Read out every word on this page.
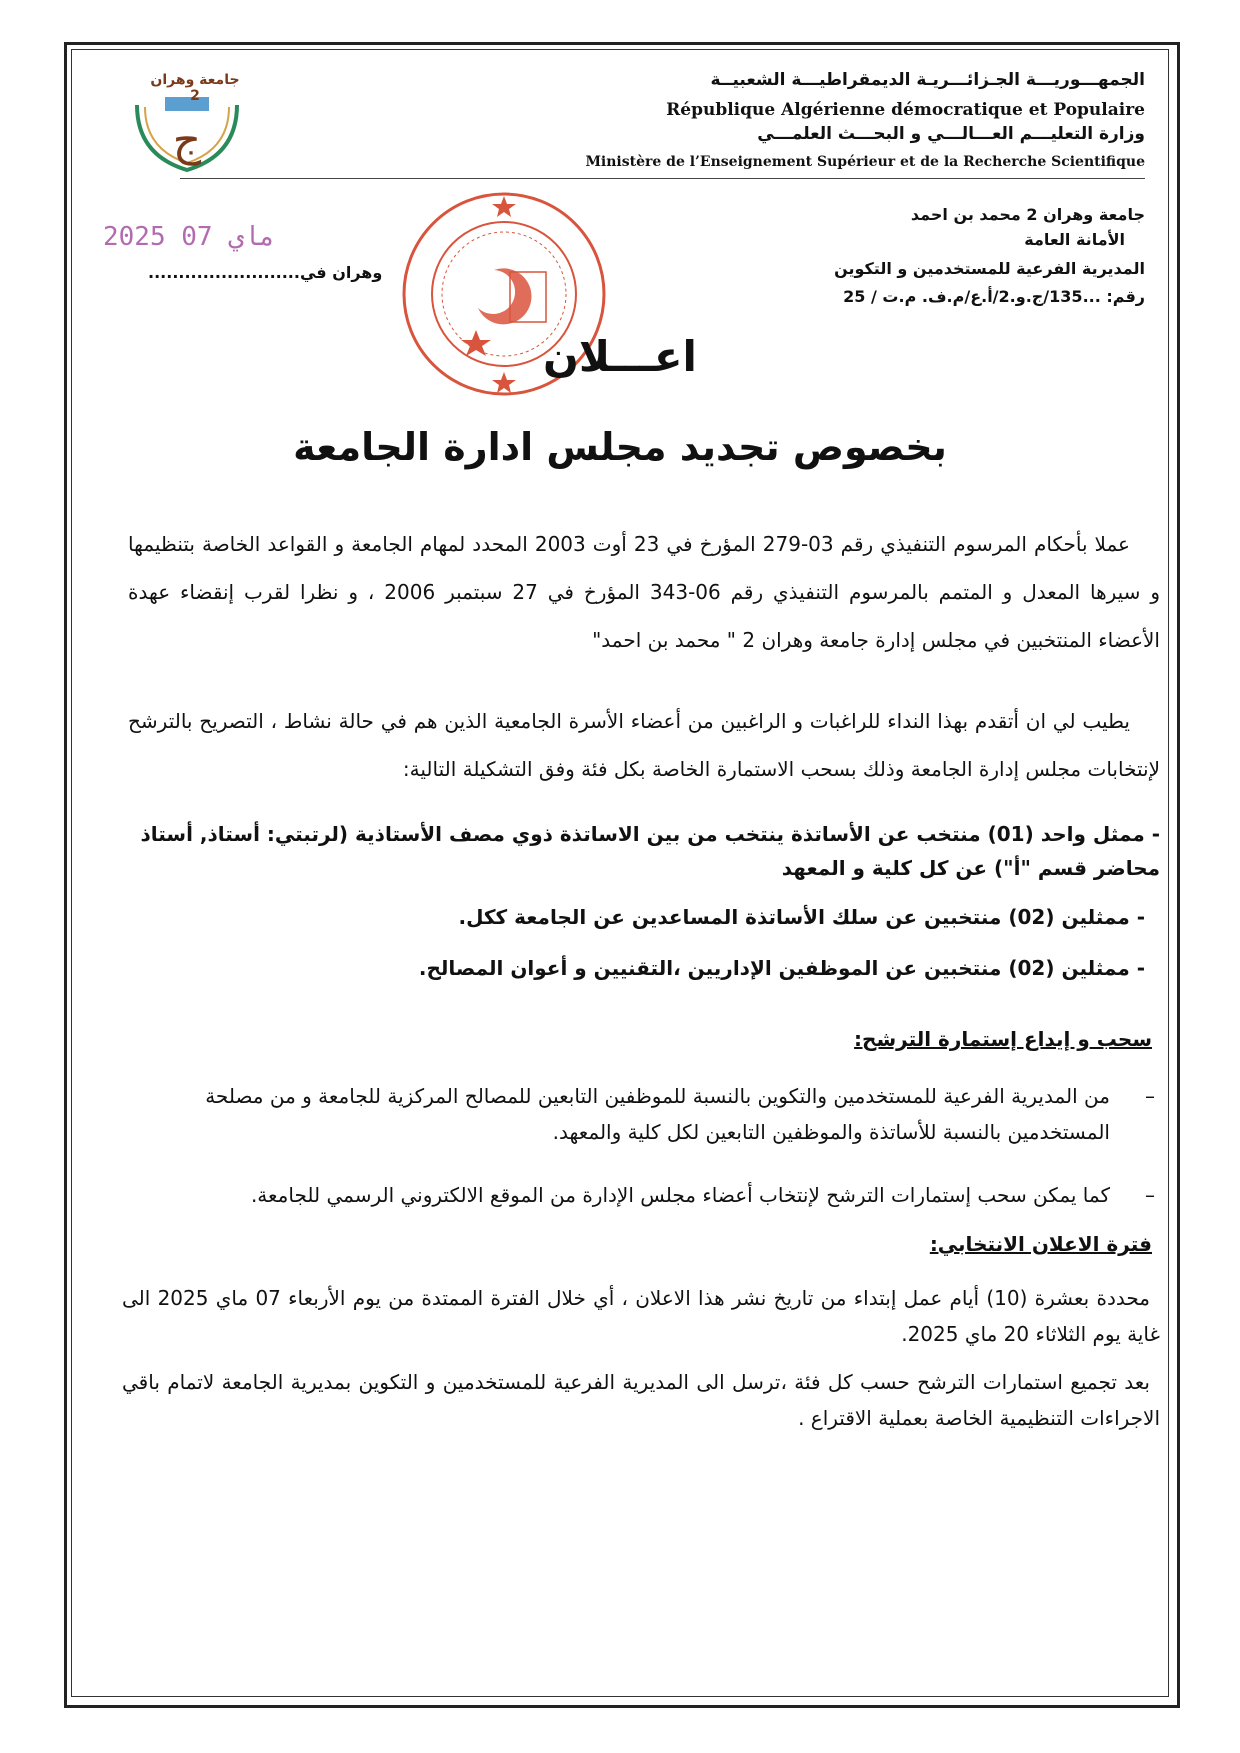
ج
جامعة وهران 2
الجمهـــوريـــة الجـزائـــريـة الديمقراطيـــة الشعبيــة
République Algérienne démocratique et Populaire
وزارة التعليـــم العـــالـــي و البحـــث العلمـــي
Ministère de l’Enseignement Supérieur et de la Recherche Scientifique
جامعة وهران 2 محمد بن احمد
الأمانة العامة
المديرية الفرعية للمستخدمين و التكوين
رقم: ...135/ج.و.2/أ.ع/م.ف. م.ت / 25
2025 ماي 07
وهران في.........................
اعـــلان
بخصوص تجديد مجلس ادارة الجامعة
عملا بأحكام المرسوم التنفيذي رقم 03-279 المؤرخ في 23 أوت 2003 المحدد لمهام الجامعة و القواعد الخاصة بتنظيمها و سيرها المعدل و المتمم بالمرسوم التنفيذي رقم 06-343 المؤرخ في 27 سبتمبر 2006 ، و نظرا لقرب إنقضاء عهدة الأعضاء المنتخبين في مجلس إدارة جامعة وهران 2 " محمد بن احمد"
يطيب لي ان أتقدم بهذا النداء للراغبات و الراغبين من أعضاء الأسرة الجامعية الذين هم في حالة نشاط ، التصريح بالترشح لإنتخابات مجلس إدارة الجامعة وذلك بسحب الاستمارة الخاصة بكل فئة وفق التشكيلة التالية:
- ممثل واحد (01) منتخب عن الأساتذة ينتخب من بين الاساتذة ذوي مصف الأستاذية (لرتبتي: أستاذ, أستاذ محاضر قسم "أ") عن كل كلية و المعهد
- ممثلين (02) منتخبين عن سلك الأساتذة المساعدين عن الجامعة ككل.
- ممثلين (02) منتخبين عن الموظفين الإداريين ،التقنيين و أعوان المصالح.
سحب و إيداع إستمارة الترشح:
–
من المديرية الفرعية للمستخدمين والتكوين بالنسبة للموظفين التابعين للمصالح المركزية للجامعة و من مصلحة المستخدمين بالنسبة للأساتذة والموظفين التابعين لكل كلية والمعهد.
–
كما يمكن سحب إستمارات الترشح لإنتخاب أعضاء مجلس الإدارة من الموقع الالكتروني الرسمي للجامعة.
فترة الاعلان الانتخابي:
محددة بعشرة (10) أيام عمل إبتداء من تاريخ نشر هذا الاعلان ، أي خلال الفترة الممتدة من يوم الأربعاء 07 ماي 2025 الى غاية يوم الثلاثاء 20 ماي 2025.
بعد تجميع استمارات الترشح حسب كل فئة ،ترسل الى المديرية الفرعية للمستخدمين و التكوين بمديرية الجامعة لاتمام باقي الاجراءات التنظيمية الخاصة بعملية الاقتراع .
